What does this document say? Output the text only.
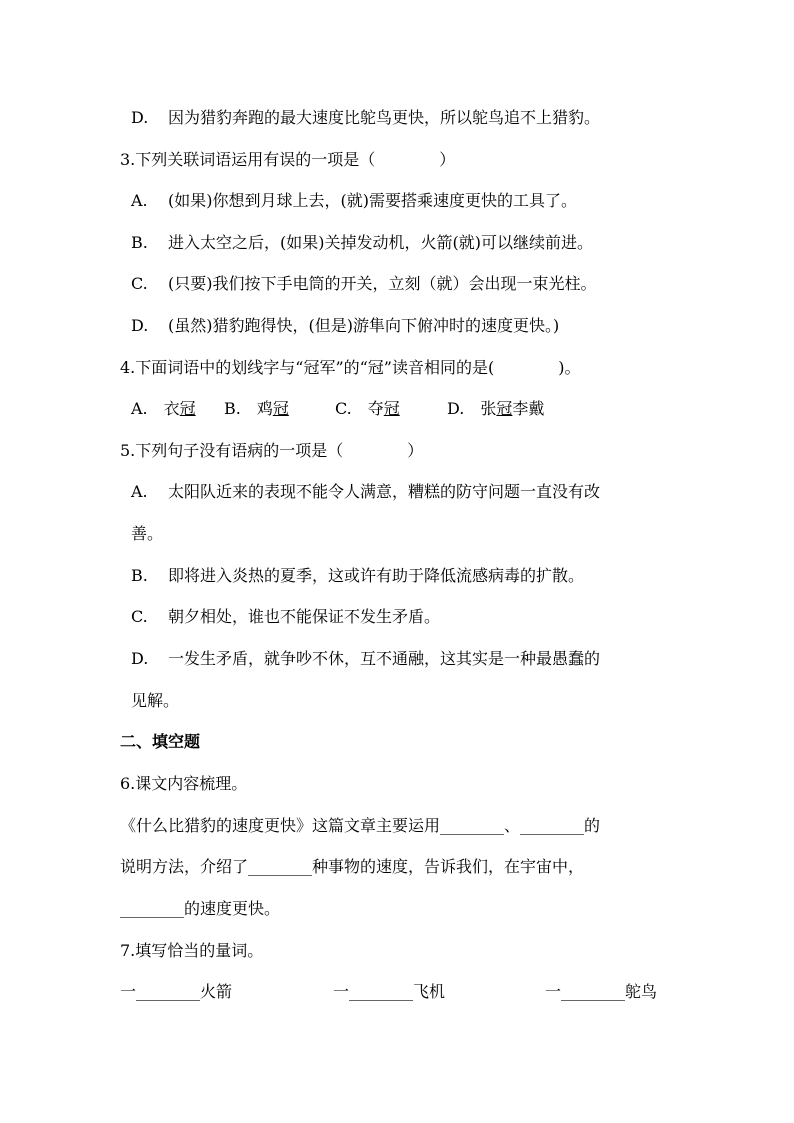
D. 因为猎豹奔跑的最大速度比鸵鸟更快，所以鸵鸟追不上猎豹。
3.下列关联词语运用有误的一项是（　　　　）
A. (如果)你想到月球上去，(就)需要搭乘速度更快的工具了。
B. 进入太空之后，(如果)关掉发动机，火箭(就)可以继续前进。
C. (只要)我们按下手电筒的开关，立刻（就）会出现一束光柱。
D. (虽然)猎豹跑得快，(但是)游隼向下俯冲时的速度更快。)
4.下面词语中的划线字与“冠军”的“冠”读音相同的是(　　　　)。
A. 衣冠 B. 鸡冠	C. 夺冠	D. 张冠李戴
5.下列句子没有语病的一项是（　　　　）
A. 太阳队近来的表现不能令人满意，糟糕的防守问题一直没有改
善。
B. 即将进入炎热的夏季，这或许有助于降低流感病毒的扩散。
C. 朝夕相处，谁也不能保证不发生矛盾。
D. 一发生矛盾，就争吵不休，互不通融，这其实是一种最愚蠢的
见解。
二、填空题
6.课文内容梳理。
《什么比猎豹的速度更快》这篇文章主要运用________、________的
说明方法，介绍了________种事物的速度，告诉我们，在宇宙中，
________的速度更快。
7.填写恰当的量词。
一________火箭	一________飞机	一________鸵鸟
